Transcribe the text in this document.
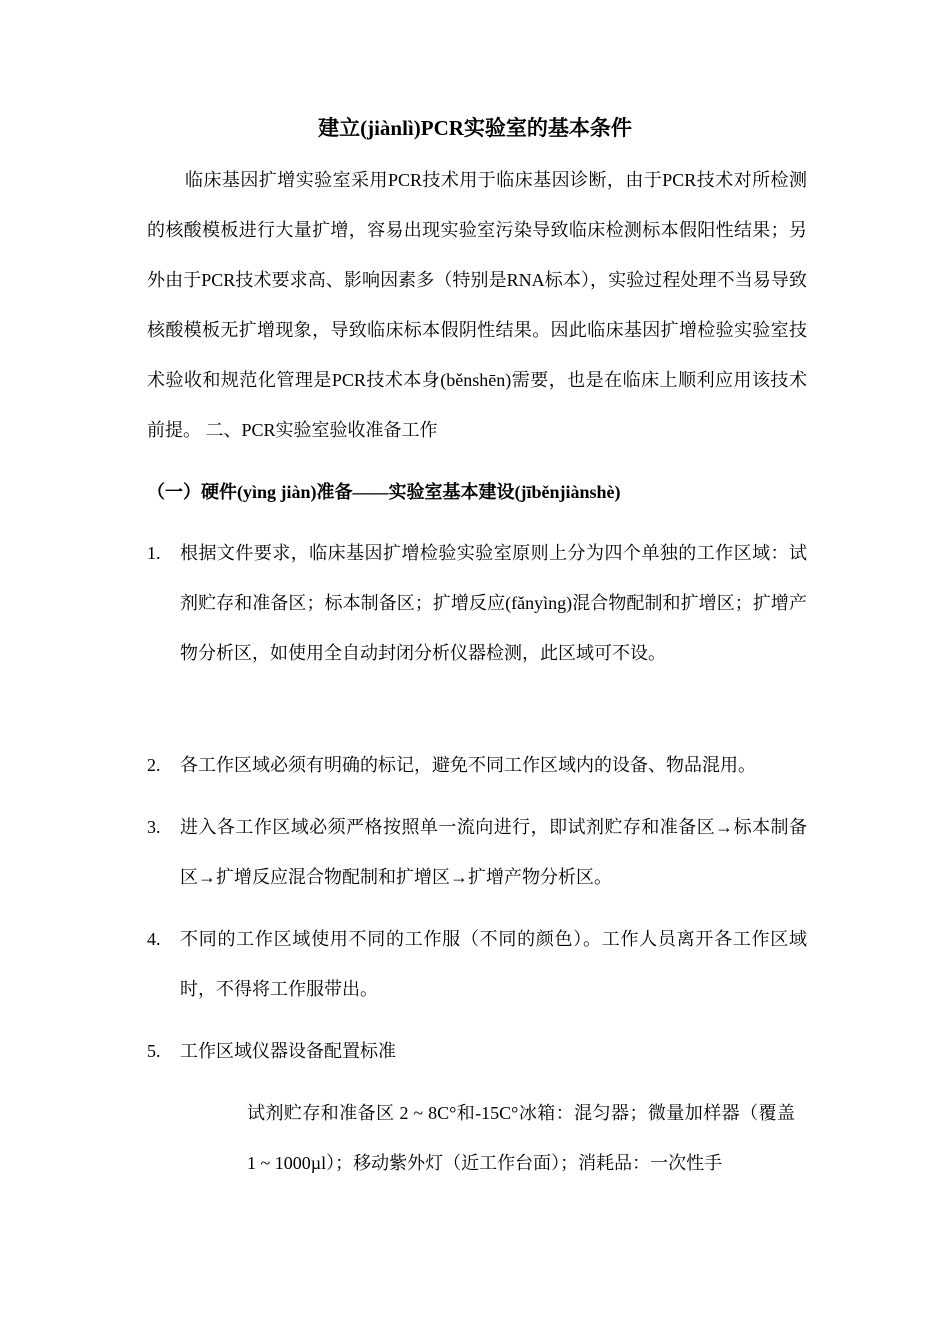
建立(jiànlì)PCR实验室的基本条件

临床基因扩增实验室采用PCR技术用于临床基因诊断，由于PCR技术对所检测的核酸模板进行大量扩增，容易出现实验室污染导致临床检测标本假阳性结果；另外由于PCR技术要求高、影响因素多（特别是RNA标本），实验过程处理不当易导致核酸模板无扩增现象，导致临床标本假阴性结果。因此临床基因扩增检验实验室技术验收和规范化管理是PCR技术本身(běnshēn)需要，也是在临床上顺利应用该技术前提。 二、PCR实验室验收准备工作

（一）硬件(yìng jiàn)准备——实验室基本建设(jīběnjiànshè)
1.	根据文件要求，临床基因扩增检验实验室原则上分为四个单独的工作区域：试剂贮存和准备区；标本制备区；扩增反应(fǎnyìng)混合物配制和扩增区；扩增产物分析区，如使用全自动封闭分析仪器检测，此区域可不设。
2.	各工作区域必须有明确的标记，避免不同工作区域内的设备、物品混用。
3.	进入各工作区域必须严格按照单一流向进行，即试剂贮存和准备区→标本制备区→扩增反应混合物配制和扩增区→扩增产物分析区。
4.	不同的工作区域使用不同的工作服（不同的颜色）。工作人员离开各工作区域时，不得将工作服带出。
5.	工作区域仪器设备配置标准

试剂贮存和准备区 2 ~ 8C°和-15C°冰箱：混匀器；微量加样器（覆盖 1 ~ 1000µl）；移动紫外灯（近工作台面）；消耗品：一次性手
